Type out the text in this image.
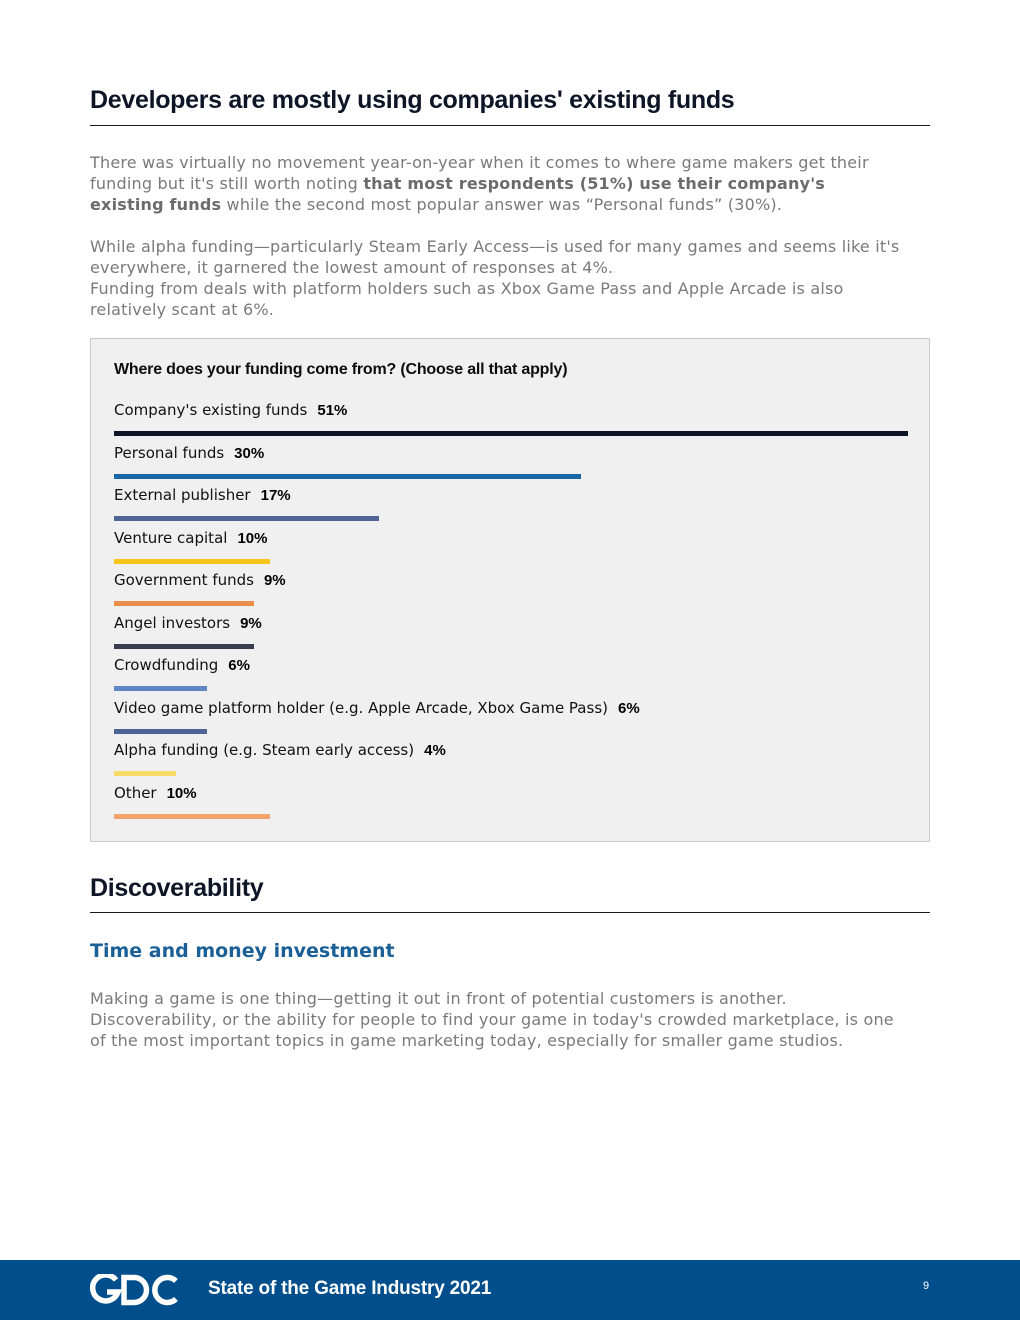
Developers are mostly using companies' existing funds

There was virtually no movement year-on-year when it comes to where game makers get their funding but it's still worth noting that most respondents (51%) use their company's existing funds while the second most popular answer was “Personal funds” (30%).

While alpha funding—particularly Steam Early Access—is used for many games and seems like it's everywhere, it garnered the lowest amount of responses at 4%.
Funding from deals with platform holders such as Xbox Game Pass and Apple Arcade is also relatively scant at 6%.

Where does your funding come from? (Choose all that apply)
Company's existing funds 51%
Personal funds 30%
External publisher 17%
Venture capital 10%
Government funds 9%
Angel investors 9%
Crowdfunding 6%
Video game platform holder (e.g. Apple Arcade, Xbox Game Pass) 6%
Alpha funding (e.g. Steam early access) 4%
Other 10%
Discoverability
Time and money investment

Making a game is one thing—getting it out in front of potential customers is another. Discoverability, or the ability for people to find your game in today's crowded marketplace, is one of the most important topics in game marketing today, especially for smaller game studios.

State of the Game Industry 2021	9
